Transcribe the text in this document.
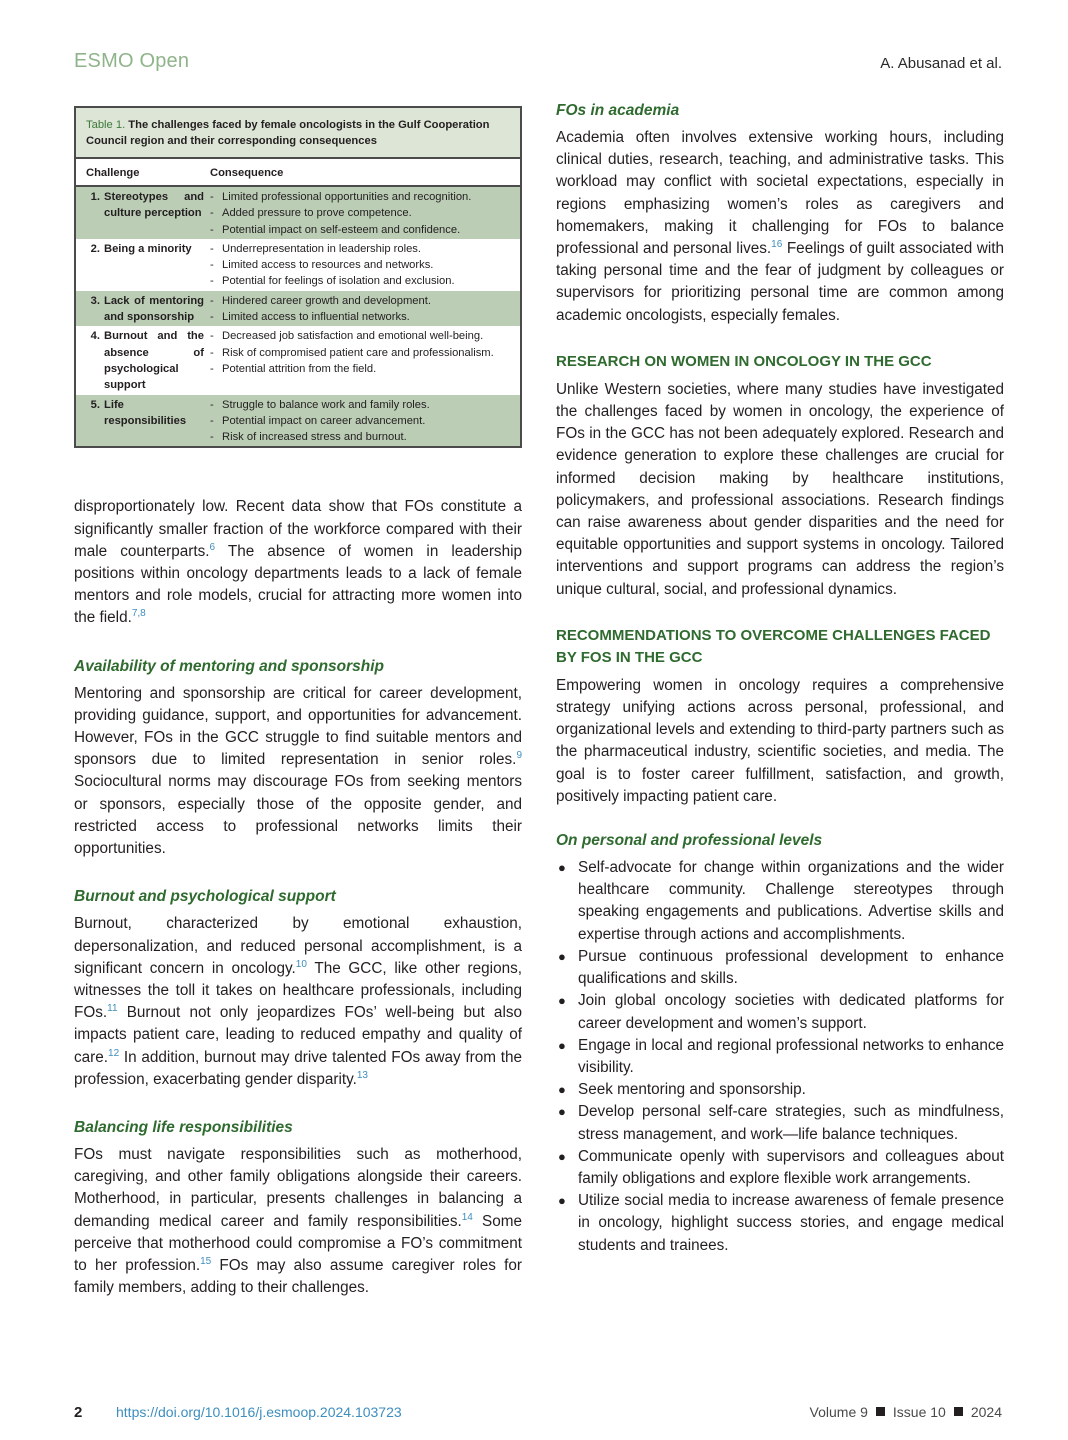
ESMO Open	A. Abusanad et al.
Table 1. The challenges faced by female oncologists in the Gulf Cooperation Council region and their corresponding consequences
Challenge	Consequence
1. Stereotypes and culture perception
- Limited professional opportunities and recognition.
- Added pressure to prove competence.
- Potential impact on self-esteem and confidence.
2. Being a minority	- Underrepresentation in leadership roles.
- Limited access to resources and networks.
- Potential for feelings of isolation and exclusion.
3. Lack of mentoring and sponsorship
- Hindered career growth and development.
- Limited access to influential networks.
4. Burnout and the absence of psychological support
- Decreased job satisfaction and emotional well-being.
- Risk of compromised patient care and professionalism.
- Potential attrition from the field.
5. Life responsibilities
- Struggle to balance work and family roles.
- Potential impact on career advancement.
- Risk of increased stress and burnout.

disproportionately low. Recent data show that FOs constitute a significantly smaller fraction of the workforce compared with their male counterparts.$^6$ The absence of women in leadership positions within oncology departments leads to a lack of female mentors and role models, crucial for attracting more women into the field.$^{7,8}$

Availability of mentoring and sponsorship

Mentoring and sponsorship are critical for career development, providing guidance, support, and opportunities for advancement. However, FOs in the GCC struggle to find suitable mentors and sponsors due to limited representation in senior roles.$^9$ Sociocultural norms may discourage FOs from seeking mentors or sponsors, especially those of the opposite gender, and restricted access to professional networks limits their opportunities.

Burnout and psychological support

Burnout, characterized by emotional exhaustion, depersonalization, and reduced personal accomplishment, is a significant concern in oncology.$^{10}$ The GCC, like other regions, witnesses the toll it takes on healthcare professionals, including FOs.$^{11}$ Burnout not only jeopardizes FOs’ well-being but also impacts patient care, leading to reduced empathy and quality of care.$^{12}$ In addition, burnout may drive talented FOs away from the profession, exacerbating gender disparity.$^{13}$

Balancing life responsibilities

FOs must navigate responsibilities such as motherhood, caregiving, and other family obligations alongside their careers. Motherhood, in particular, presents challenges in balancing a demanding medical career and family responsibilities.$^{14}$ Some perceive that motherhood could compromise a FO’s commitment to her profession.$^{15}$ FOs may also assume caregiver roles for family members, adding to their challenges.

FOs in academia

Academia often involves extensive working hours, including clinical duties, research, teaching, and administrative tasks. This workload may conflict with societal expectations, especially in regions emphasizing women’s roles as caregivers and homemakers, making it challenging for FOs to balance professional and personal lives.$^{16}$ Feelings of guilt associated with taking personal time and the fear of judgment by colleagues or supervisors for prioritizing personal time are common among academic oncologists, especially females.

RESEARCH ON WOMEN IN ONCOLOGY IN THE GCC

Unlike Western societies, where many studies have investigated the challenges faced by women in oncology, the experience of FOs in the GCC has not been adequately explored. Research and evidence generation to explore these challenges are crucial for informed decision making by healthcare institutions, policymakers, and professional associations. Research findings can raise awareness about gender disparities and the need for equitable opportunities and support systems in oncology. Tailored interventions and support programs can address the region’s unique cultural, social, and professional dynamics.

RECOMMENDATIONS TO OVERCOME CHALLENGES FACED BY FOS IN THE GCC

Empowering women in oncology requires a comprehensive strategy unifying actions across personal, professional, and organizational levels and extending to third-party partners such as the pharmaceutical industry, scientific societies, and media. The goal is to foster career fulfillment, satisfaction, and growth, positively impacting patient care.

On personal and professional levels
● Self-advocate for change within organizations and the wider healthcare community. Challenge stereotypes through speaking engagements and publications. Advertise skills and expertise through actions and accomplishments.
● Pursue continuous professional development to enhance qualifications and skills.
● Join global oncology societies with dedicated platforms for career development and women’s support.
● Engage in local and regional professional networks to enhance visibility.
● Seek mentoring and sponsorship.
● Develop personal self-care strategies, such as mindfulness, stress management, and work—life balance techniques.
● Communicate openly with supervisors and colleagues about family obligations and explore flexible work arrangements.
● Utilize social media to increase awareness of female presence in oncology, highlight success stories, and engage medical students and trainees.
2 https://doi.org/10.1016/j.esmoop.2024.103723	Volume 9 Issue 10 2024
